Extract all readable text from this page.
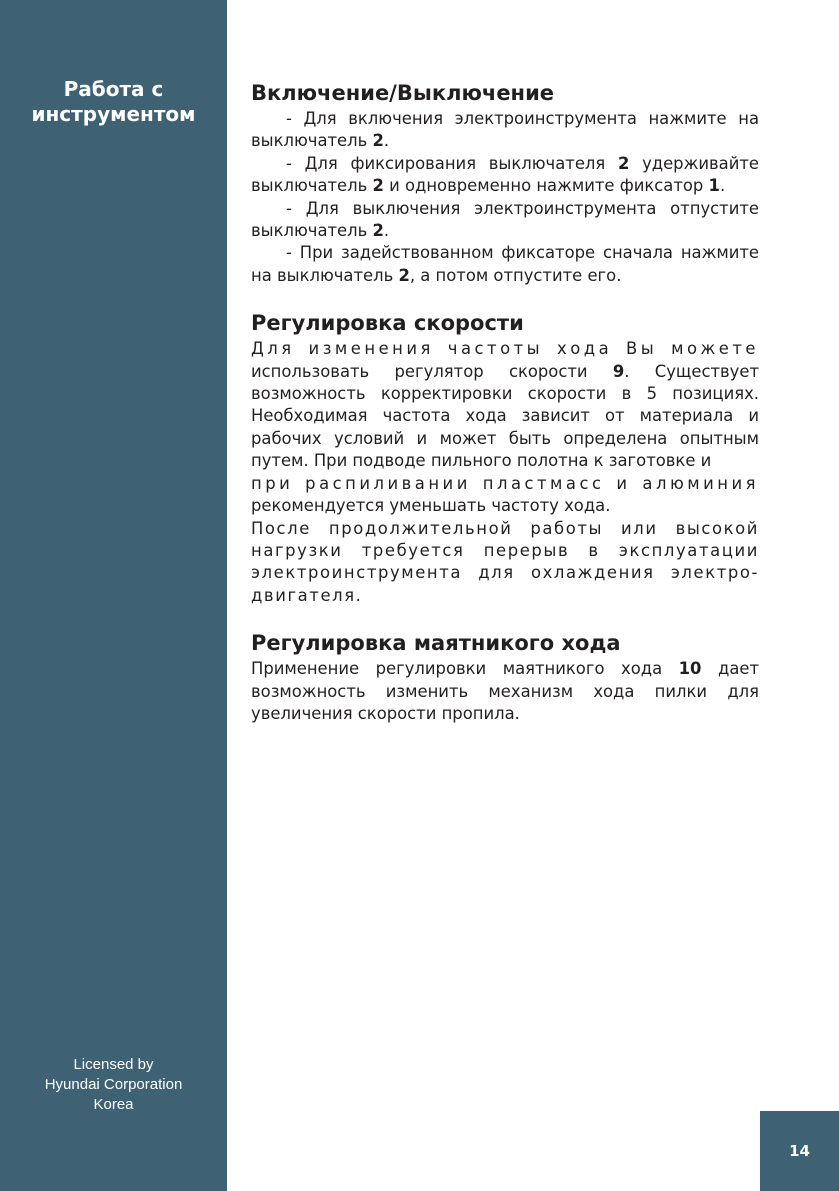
Работа с
инструментом
Licensed by
Hyundai Corporation
Korea
14
Включение/Выключение

- Для включения электроинструмента нажмите на выключатель 2.

- Для фиксирования выключателя 2 удерживайте выключатель 2 и одновременно нажмите фиксатор 1.

- Для выключения электроинструмента отпустите выключатель 2.

- При задействованном фиксаторе сначала нажмите на выключатель 2, а потом отпустите его.

Регулировка скорости

Для изменения частоты хода Вы можете

использовать регулятор скорости 9. Существует возможность корректировки скорости в 5 позициях. Необходимая частота хода зависит от материала и рабочих условий и может быть определена опытным путем. При подводе пильного полотна к заготовке и

при распиливании пластмасс и алюминия

рекомендуется уменьшать частоту хода.

После продолжительной работы или высокой нагрузки требуется перерыв в эксплуатации электроинструмента для охлаждения электро-двигателя.

Регулировка маятникого хода

Применение регулировки маятникого хода 10 дает возможность изменить механизм хода пилки для увеличения скорости пропила.
